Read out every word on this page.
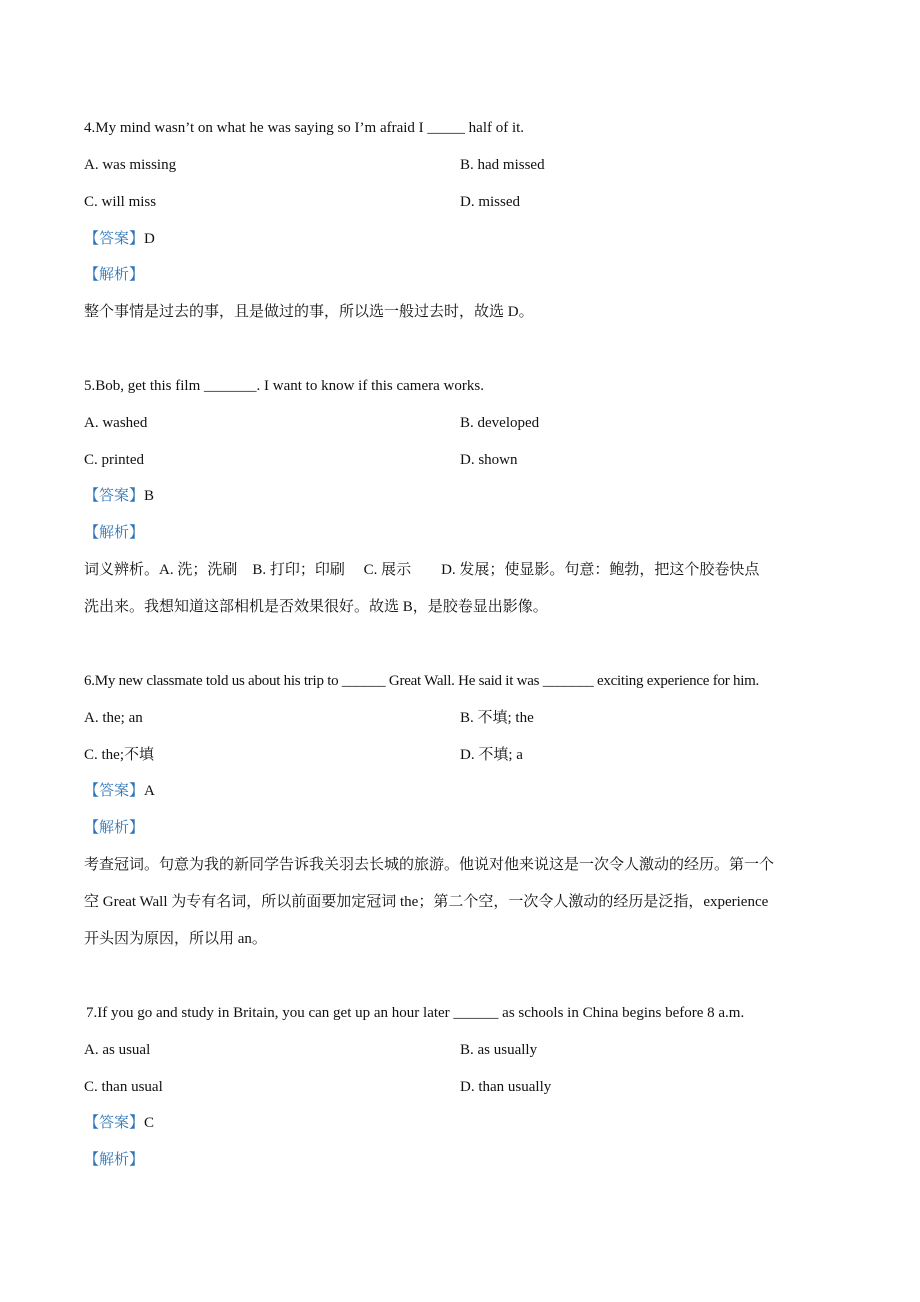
4.My mind wasn’t on what he was saying so I’m afraid I _____ half of it.
A. was missing	B. had missed
C. will miss	D. missed
【答案】D
【解析】
整个事情是过去的事，且是做过的事，所以选一般过去时，故选 D。
5.Bob, get this film _______. I want to know if this camera works.
A. washed	B. developed
C. printed	D. shown
【答案】B
【解析】
词义辨析。A. 洗；洗刷　B. 打印；印刷　 C. 展示　　D. 发展；使显影。句意：鲍勃，把这个胶卷快点
洗出来。我想知道这部相机是否效果很好。故选 B，是胶卷显出影像。
6.My new classmate told us about his trip to ______ Great Wall. He said it was _______ exciting experience for him.
A. the; an	B. 不填; the
C. the;不填	D. 不填; a
【答案】A
【解析】
考查冠词。句意为我的新同学告诉我关羽去长城的旅游。他说对他来说这是一次令人激动的经历。第一个
空 Great Wall 为专有名词，所以前面要加定冠词 the；第二个空，一次令人激动的经历是泛指，experience
开头因为原因，所以用 an。
7.If you go and study in Britain, you can get up an hour later ______ as schools in China begins before 8 a.m.
A. as usual	B. as usually
C. than usual	D. than usually
【答案】C
【解析】
